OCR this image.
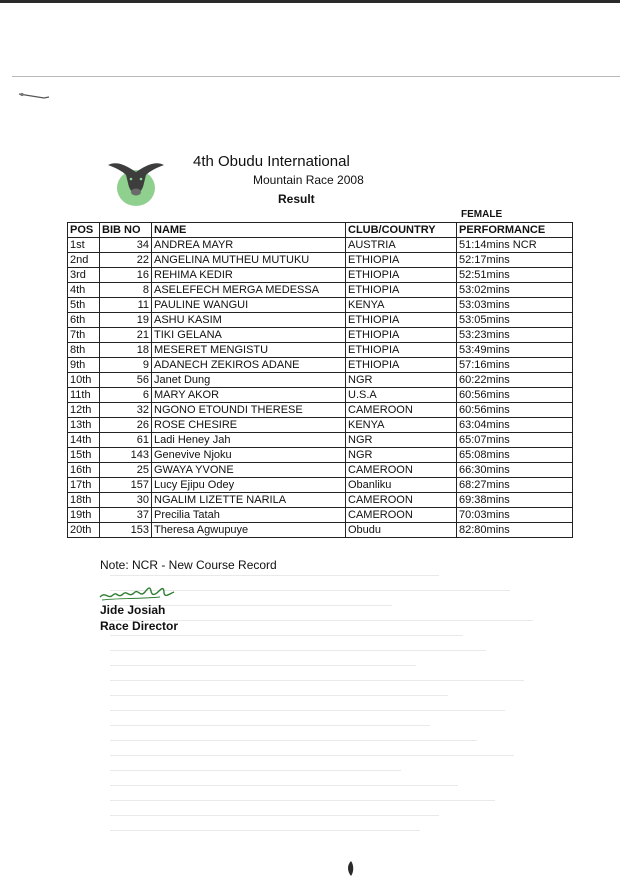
4th Obudu International
Mountain Race 2008
Result
FEMALE
POS	BIB NO	NAME	CLUB/COUNTRY	PERFORMANCE
1st	34	ANDREA MAYR	AUSTRIA	51:14mins NCR
2nd	22	ANGELINA MUTHEU MUTUKU	ETHIOPIA	52:17mins
3rd	16	REHIMA KEDIR	ETHIOPIA	52:51mins
4th	8	ASELEFECH MERGA MEDESSA	ETHIOPIA	53:02mins
5th	11	PAULINE WANGUI	KENYA	53:03mins
6th	19	ASHU KASIM	ETHIOPIA	53:05mins
7th	21	TIKI GELANA	ETHIOPIA	53:23mins
8th	18	MESERET MENGISTU	ETHIOPIA	53:49mins
9th	9	ADANECH ZEKIROS ADANE	ETHIOPIA	57:16mins
10th	56	Janet Dung	NGR	60:22mins
11th	6	MARY AKOR	U.S.A	60:56mins
12th	32	NGONO ETOUNDI THERESE	CAMEROON	60:56mins
13th	26	ROSE CHESIRE	KENYA	63:04mins
14th	61	Ladi Heney Jah	NGR	65:07mins
15th	143	Genevive Njoku	NGR	65:08mins
16th	25	GWAYA YVONE	CAMEROON	66:30mins
17th	157	Lucy Ejipu Odey	Obanliku	68:27mins
18th	30	NGALIM LIZETTE NARILA	CAMEROON	69:38mins
19th	37	Precilia Tatah	CAMEROON	70:03mins
20th	153	Theresa Agwupuye	Obudu	82:80mins
Note: NCR - New Course Record
Jide Josiah
Race Director
